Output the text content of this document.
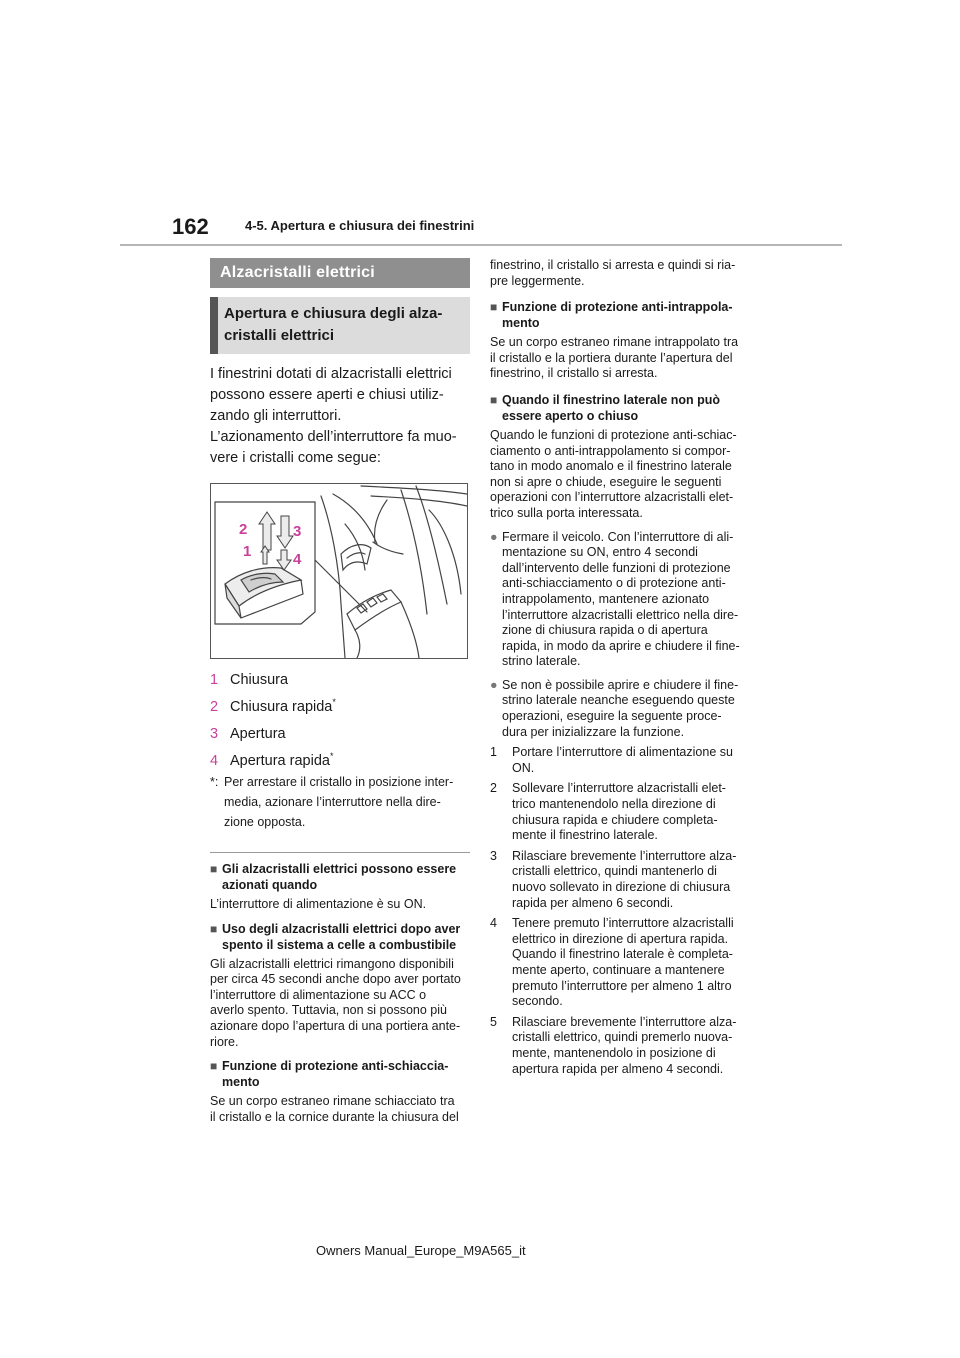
162	4-5. Apertura e chiusura dei finestrini
Alzacristalli elettrici
Apertura e chiusura degli alza-
cristalli elettrici

I finestrini dotati di alzacristalli elettrici

possono essere aperti e chiusi utiliz-

zando gli interruttori.

L’azionamento dell’interruttore fa muo-

vere i cristalli come segue:

2
1
3
4
1 Chiusura
2 Chiusura rapida*
3 Apertura
4 Apertura rapida*
*: Per arrestare il cristallo in posizione inter-
media, azionare l’interruttore nella dire-
zione opposta.
■ Gli alzacristalli elettrici possono essere
azionati quando
L’interruttore di alimentazione è su ON.
■ Uso degli alzacristalli elettrici dopo aver
spento il sistema a celle a combustibile
Gli alzacristalli elettrici rimangono disponibili
per circa 45 secondi anche dopo aver portato
l’interruttore di alimentazione su ACC o
averlo spento. Tuttavia, non si possono più
azionare dopo l’apertura di una portiera ante-
riore.
■ Funzione di protezione anti-schiaccia-
mento
Se un corpo estraneo rimane schiacciato tra
il cristallo e la cornice durante la chiusura del
finestrino, il cristallo si arresta e quindi si ria-
pre leggermente.
■ Funzione di protezione anti-intrappola-
mento
Se un corpo estraneo rimane intrappolato tra
il cristallo e la portiera durante l’apertura del
finestrino, il cristallo si arresta.
■ Quando il finestrino laterale non può
essere aperto o chiuso
Quando le funzioni di protezione anti-schiac-
ciamento o anti-intrappolamento si compor-
tano in modo anomalo e il finestrino laterale
non si apre o chiude, eseguire le seguenti
operazioni con l’interruttore alzacristalli elet-
trico sulla porta interessata.
● Fermare il veicolo. Con l’interruttore di ali-
mentazione su ON, entro 4 secondi
dall’intervento delle funzioni di protezione
anti-schiacciamento o di protezione anti-
intrappolamento, mantenere azionato
l’interruttore alzacristalli elettrico nella dire-
zione di chiusura rapida o di apertura
rapida, in modo da aprire e chiudere il fine-
strino laterale.
● Se non è possibile aprire e chiudere il fine-
strino laterale neanche eseguendo queste
operazioni, eseguire la seguente proce-
dura per inizializzare la funzione.
1	Portare l’interruttore di alimentazione su
ON.
2	Sollevare l’interruttore alzacristalli elet-
trico mantenendolo nella direzione di
chiusura rapida e chiudere completa-
mente il finestrino laterale.
3	Rilasciare brevemente l’interruttore alza-
cristalli elettrico, quindi mantenerlo di
nuovo sollevato in direzione di chiusura
rapida per almeno 6 secondi.
4	Tenere premuto l’interruttore alzacristalli
elettrico in direzione di apertura rapida.
Quando il finestrino laterale è completa-
mente aperto, continuare a mantenere
premuto l’interruttore per almeno 1 altro
secondo.
5	Rilasciare brevemente l’interruttore alza-
cristalli elettrico, quindi premerlo nuova-
mente, mantenendolo in posizione di
apertura rapida per almeno 4 secondi.
Owners Manual_Europe_M9A565_it
